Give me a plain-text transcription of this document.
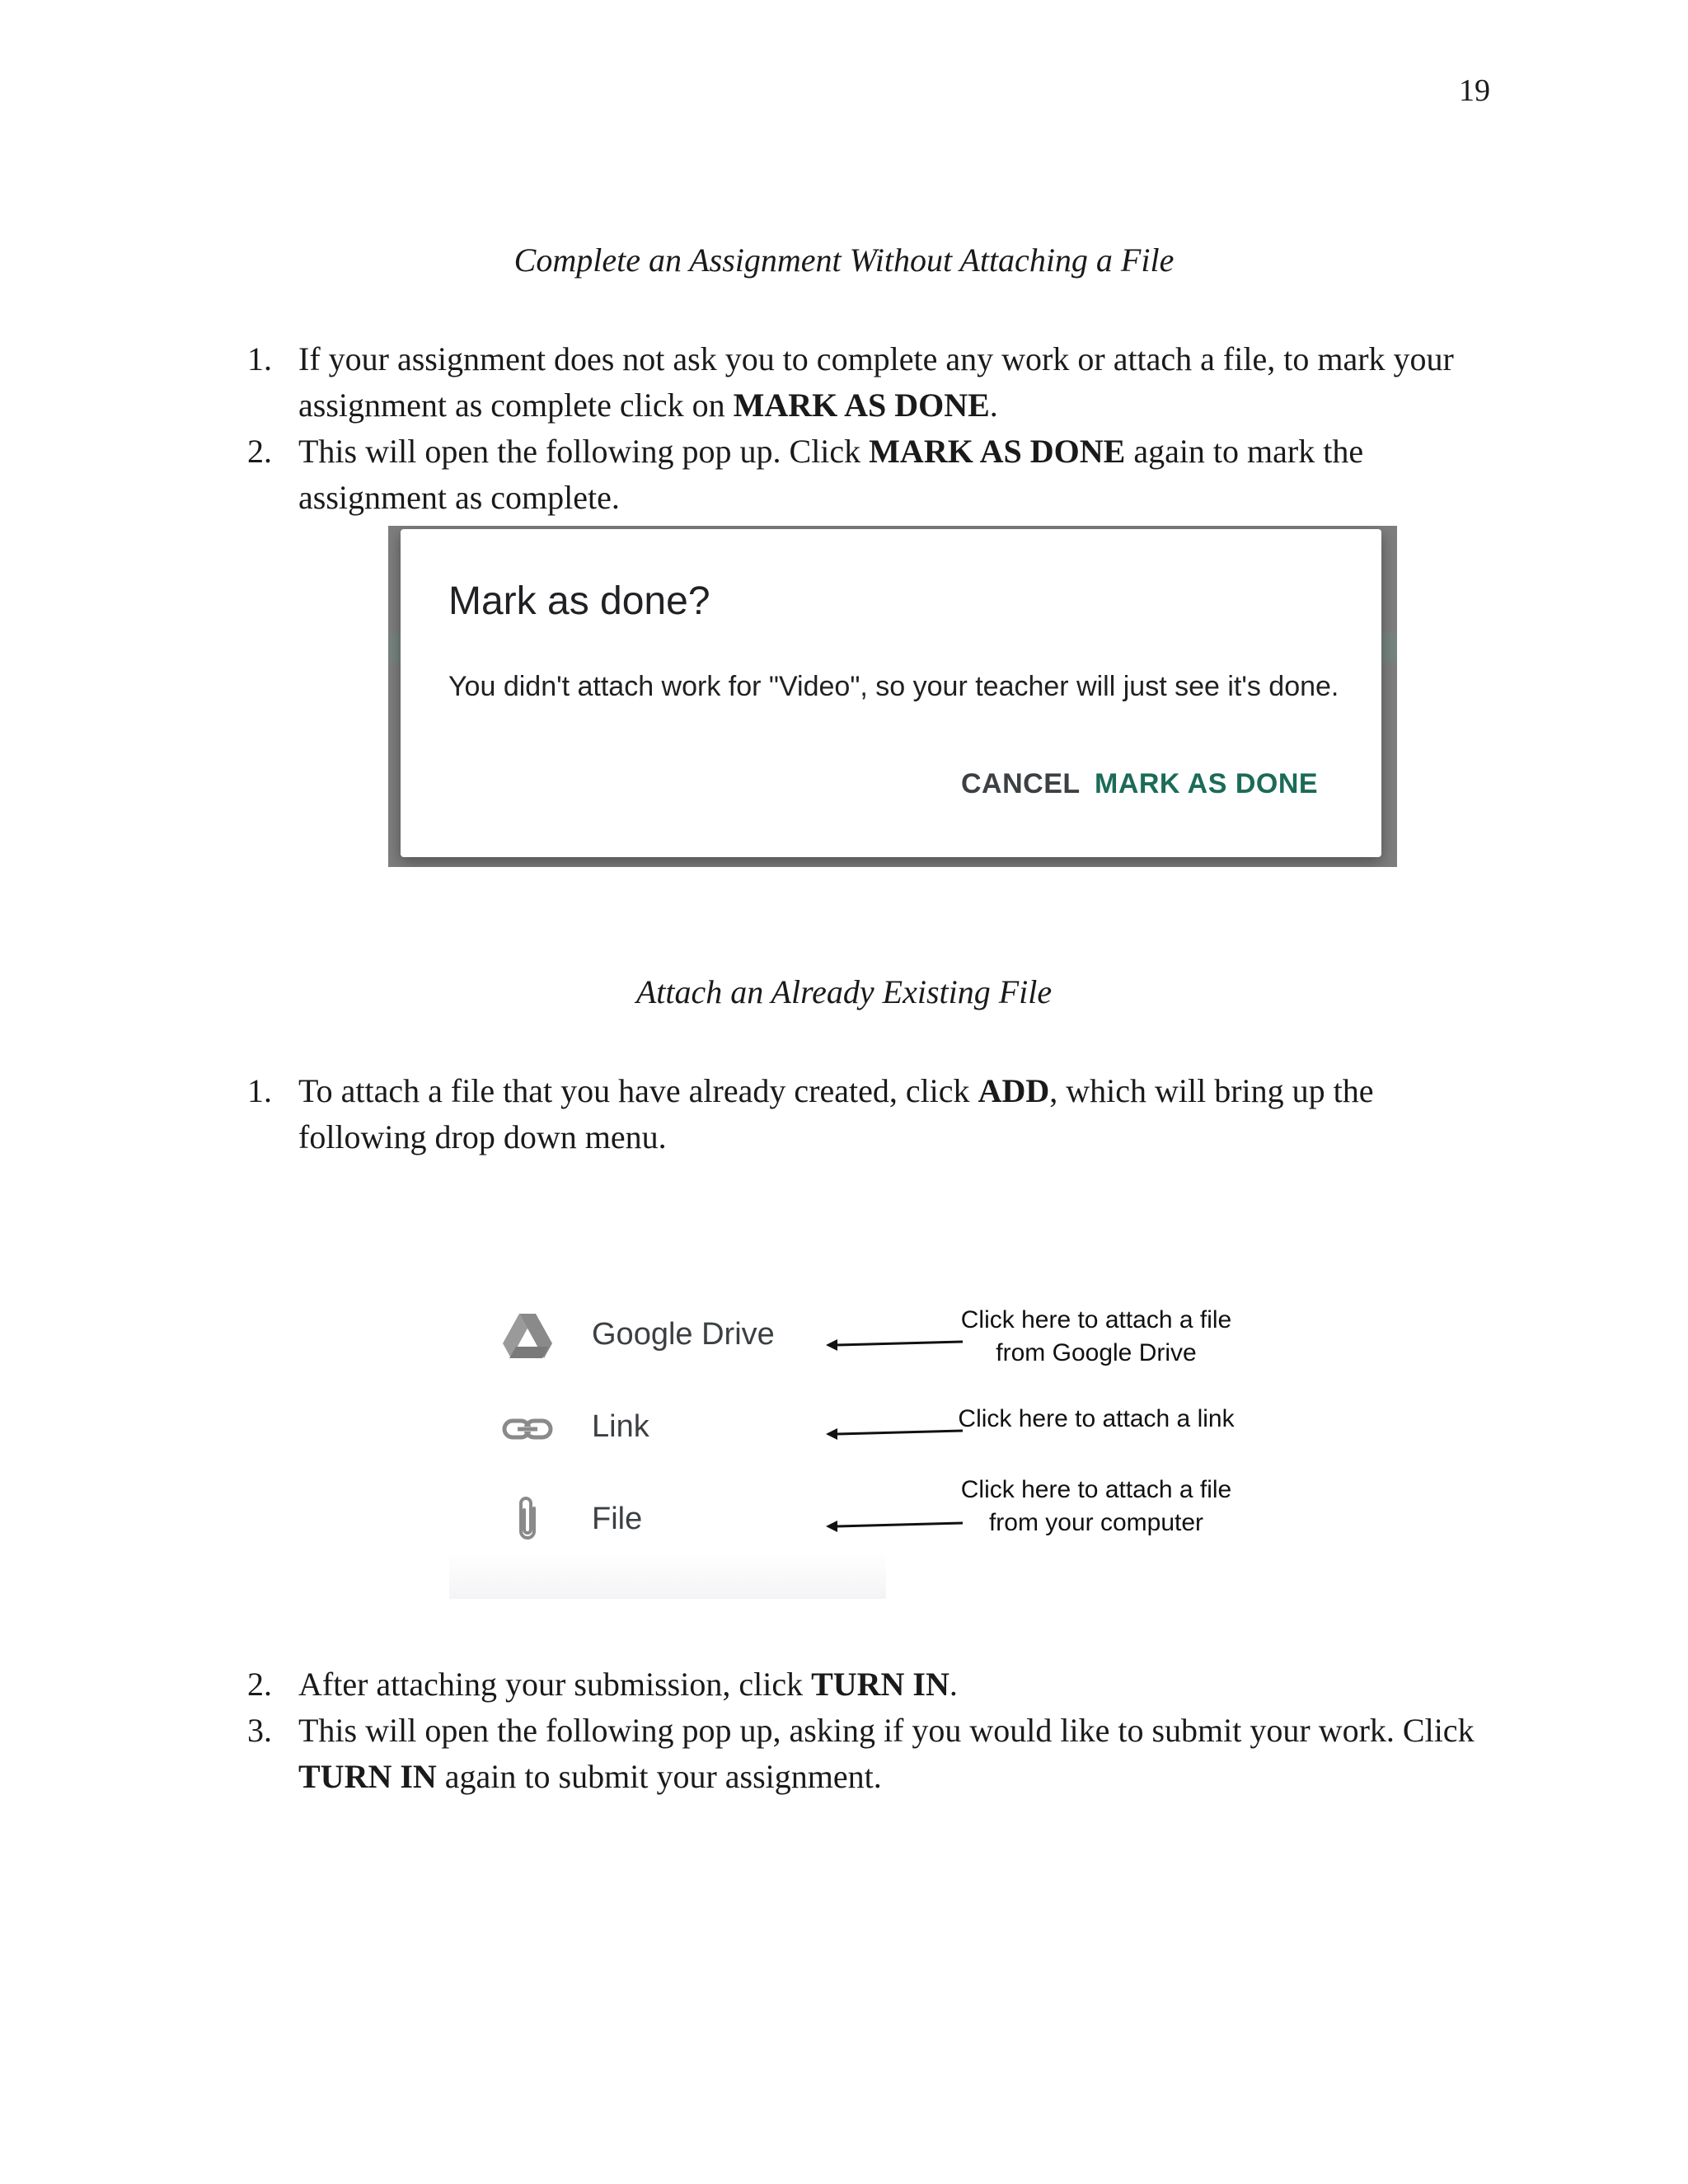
19
Complete an Assignment Without Attaching a File
1. If your assignment does not ask you to complete any work or attach a file, to mark your assignment as complete click on MARK AS DONE.
2. This will open the following pop up. Click MARK AS DONE again to mark the assignment as complete.
Mark as done?
You didn't attach work for "Video", so your teacher will just see it's done.
CANCEL MARK AS DONE
Attach an Already Existing File
1. To attach a file that you have already created, click ADD, which will bring up the following drop down menu.
Google Drive	Click here to attach a file
from Google Drive
Link	Click here to attach a link
File
Click here to attach a file
from your computer
2. After attaching your submission, click TURN IN.
3. This will open the following pop up, asking if you would like to submit your work. Click TURN IN again to submit your assignment.
